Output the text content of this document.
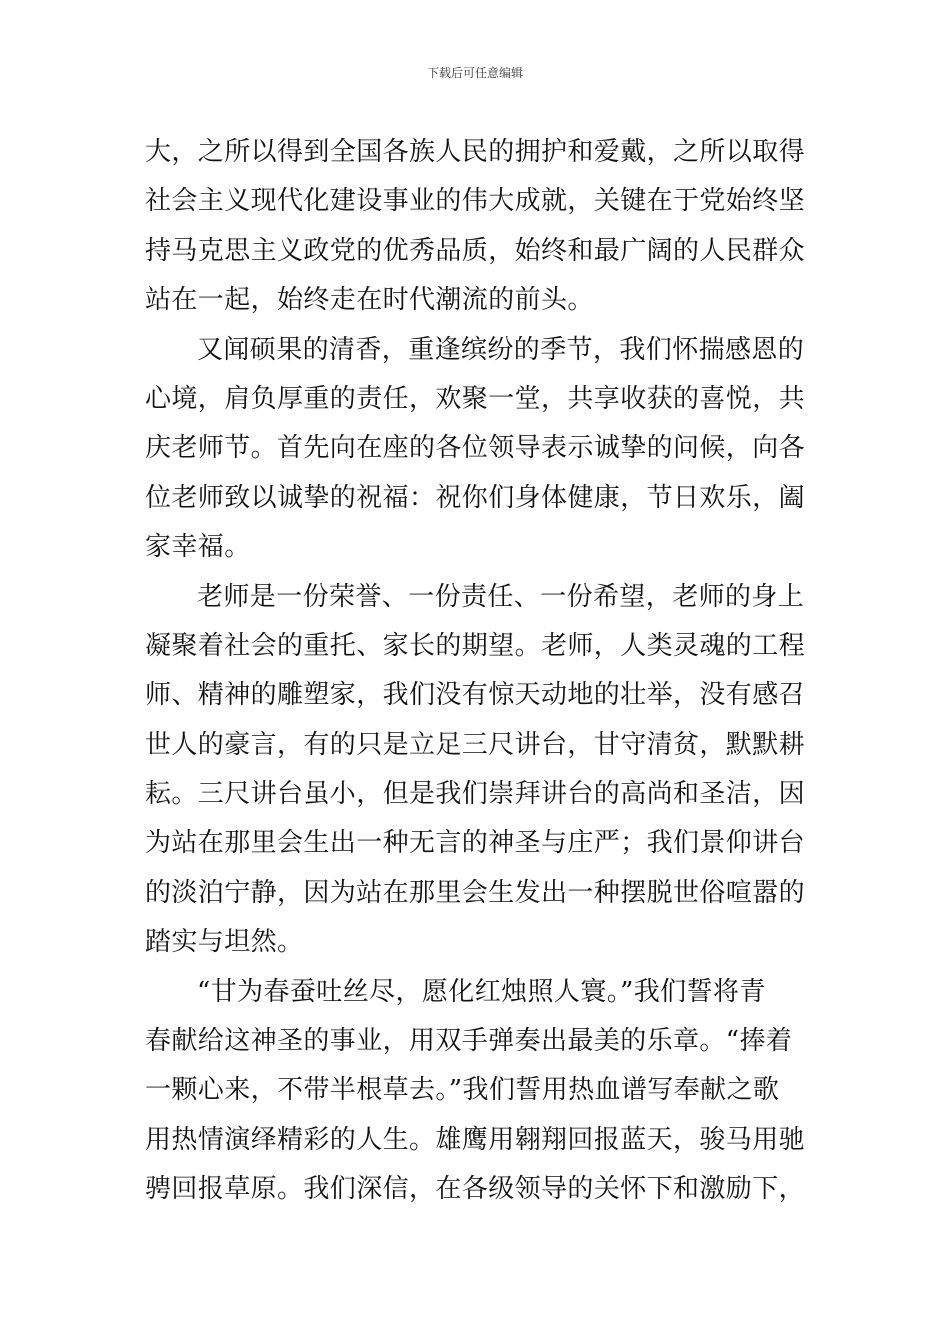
下载后可任意编辑
大，之所以得到全国各族人民的拥护和爱戴，之所以取得
社会主义现代化建设事业的伟大成就，关键在于党始终坚
持马克思主义政党的优秀品质，始终和最广阔的人民群众
站在一起，始终走在时代潮流的前头。
又闻硕果的清香，重逢缤纷的季节，我们怀揣感恩的
心境，肩负厚重的责任，欢聚一堂，共享收获的喜悦，共
庆老师节。首先向在座的各位领导表示诚挚的问候，向各
位老师致以诚挚的祝福：祝你们身体健康，节日欢乐，阖
家幸福。
老师是一份荣誉、一份责任、一份希望，老师的身上
凝聚着社会的重托、家长的期望。老师，人类灵魂的工程
师、精神的雕塑家，我们没有惊天动地的壮举，没有感召
世人的豪言，有的只是立足三尺讲台，甘守清贫，默默耕
耘。三尺讲台虽小，但是我们崇拜讲台的高尚和圣洁，因
为站在那里会生出一种无言的神圣与庄严；我们景仰讲台
的淡泊宁静，因为站在那里会生发出一种摆脱世俗喧嚣的
踏实与坦然。
“甘为春蚕吐丝尽，愿化红烛照人寰。”我们誓将青
春献给这神圣的事业，用双手弹奏出最美的乐章。“捧着
一颗心来，不带半根草去。”我们誓用热血谱写奉献之歌
用热情演绎精彩的人生。雄鹰用翱翔回报蓝天，骏马用驰
骋回报草原。我们深信，在各级领导的关怀下和激励下，
